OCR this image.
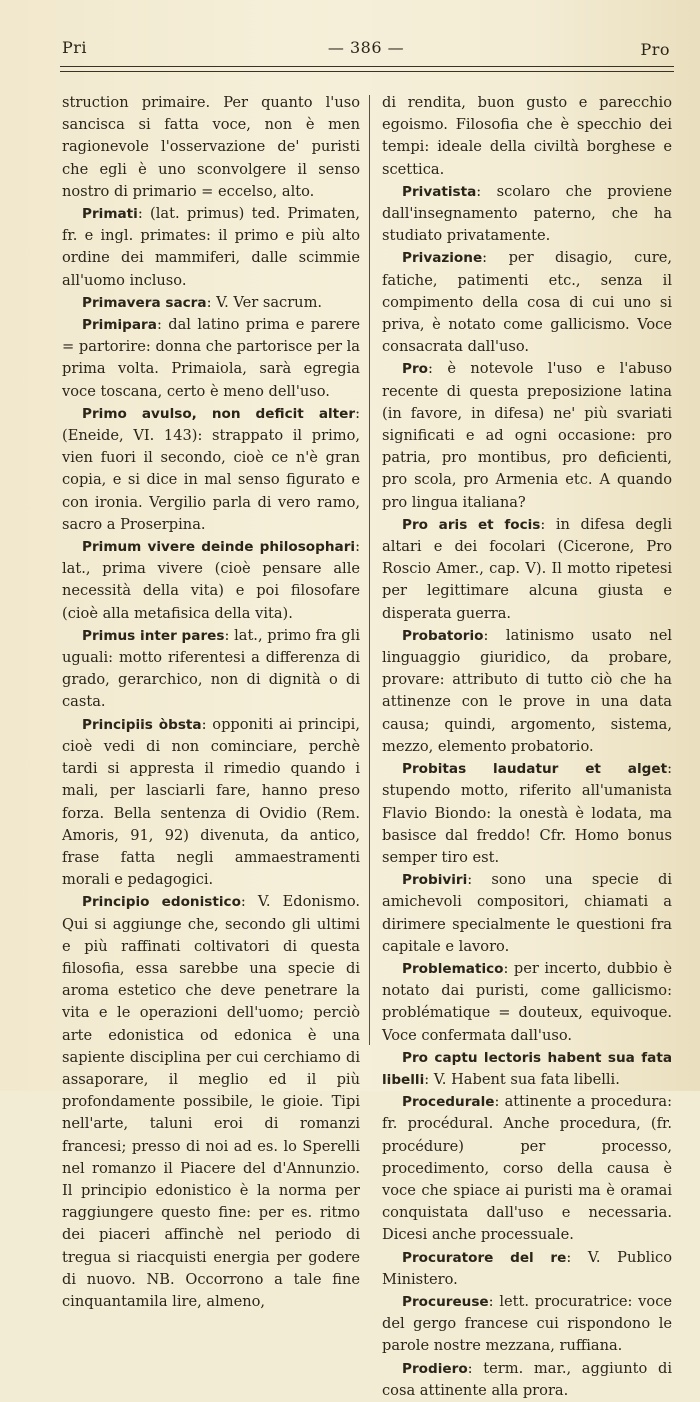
Pri	— 386 —	Pro

struction primaire. Per quanto l'uso sancisca si fatta voce, non è men ragionevole l'osservazione de' puristi che egli è uno sconvolgere il senso nostro di primario = eccelso, alto.

Primati: (lat. primus) ted. Primaten, fr. e ingl. primates: il primo e più alto ordine dei mammiferi, dalle scimmie all'uomo incluso.

Primavera sacra: V. Ver sacrum.

Primipara: dal latino prima e parere = partorire: donna che partorisce per la prima volta. Primaiola, sarà egregia voce toscana, certo è meno dell'uso.

Primo avulso, non deficit alter: (Eneide, VI. 143): strappato il primo, vien fuori il secondo, cioè ce n'è gran copia, e si dice in mal senso figurato e con ironia. Vergilio parla di vero ramo, sacro a Proserpina.

Primum vivere deinde philosophari: lat., prima vivere (cioè pensare alle necessità della vita) e poi filosofare (cioè alla metafisica della vita).

Primus inter pares: lat., primo fra gli uguali: motto riferentesi a differenza di grado, gerarchico, non di dignità o di casta.

Principiis òbsta: opponiti ai principi, cioè vedi di non cominciare, perchè tardi si appresta il rimedio quando i mali, per lasciarli fare, hanno preso forza. Bella sentenza di Ovidio (Rem. Amoris, 91, 92) divenuta, da antico, frase fatta negli ammaestramenti morali e pedagogici.

Principio edonistico: V. Edonismo. Qui si aggiunge che, secondo gli ultimi e più raffinati coltivatori di questa filosofia, essa sarebbe una specie di aroma estetico che deve penetrare la vita e le operazioni dell'uomo; perciò arte edonistica od edonica è una sapiente disciplina per cui cerchiamo di assaporare, il meglio ed il più profondamente possibile, le gioie. Tipi nell'arte, taluni eroi di romanzi francesi; presso di noi ad es. lo Sperelli nel romanzo il Piacere del d'Annunzio. Il principio edonistico è la norma per raggiungere questo fine: per es. ritmo dei piaceri affinchè nel periodo di tregua si riacquisti energia per godere di nuovo. NB. Occorrono a tale fine cinquantamila lire, almeno,

di rendita, buon gusto e parecchio egoismo. Filosofia che è specchio dei tempi: ideale della civiltà borghese e scettica.

Privatista: scolaro che proviene dall'insegnamento paterno, che ha studiato privatamente.

Privazione: per disagio, cure, fatiche, patimenti etc., senza il compimento della cosa di cui uno si priva, è notato come gallicismo. Voce consacrata dall'uso.

Pro: è notevole l'uso e l'abuso recente di questa preposizione latina (in favore, in difesa) ne' più svariati significati e ad ogni occasione: pro patria, pro montibus, pro deficienti, pro scola, pro Armenia etc. A quando pro lingua italiana?

Pro aris et focis: in difesa degli altari e dei focolari (Cicerone, Pro Roscio Amer., cap. V). Il motto ripetesi per legittimare alcuna giusta e disperata guerra.

Probatorio: latinismo usato nel linguaggio giuridico, da probare, provare: attributo di tutto ciò che ha attinenze con le prove in una data causa; quindi, argomento, sistema, mezzo, elemento probatorio.

Probitas laudatur et alget: stupendo motto, riferito all'umanista Flavio Biondo: la onestà è lodata, ma basisce dal freddo! Cfr. Homo bonus semper tiro est.

Probiviri: sono una specie di amichevoli compositori, chiamati a dirimere specialmente le questioni fra capitale e lavoro.

Problematico: per incerto, dubbio è notato dai puristi, come gallicismo: problématique = douteux, equivoque. Voce confermata dall'uso.

Pro captu lectoris habent sua fata libelli: V. Habent sua fata libelli.

Procedurale: attinente a procedura: fr. procédural. Anche procedura, (fr. procédure) per processo, procedimento, corso della causa è voce che spiace ai puristi ma è oramai conquistata dall'uso e necessaria. Dicesi anche processuale.

Procuratore del re: V. Publico Ministero.

Procureuse: lett. procuratrice: voce del gergo francese cui rispondono le parole nostre mezzana, ruffiana.

Prodiero: term. mar., aggiunto di cosa attinente alla prora.
